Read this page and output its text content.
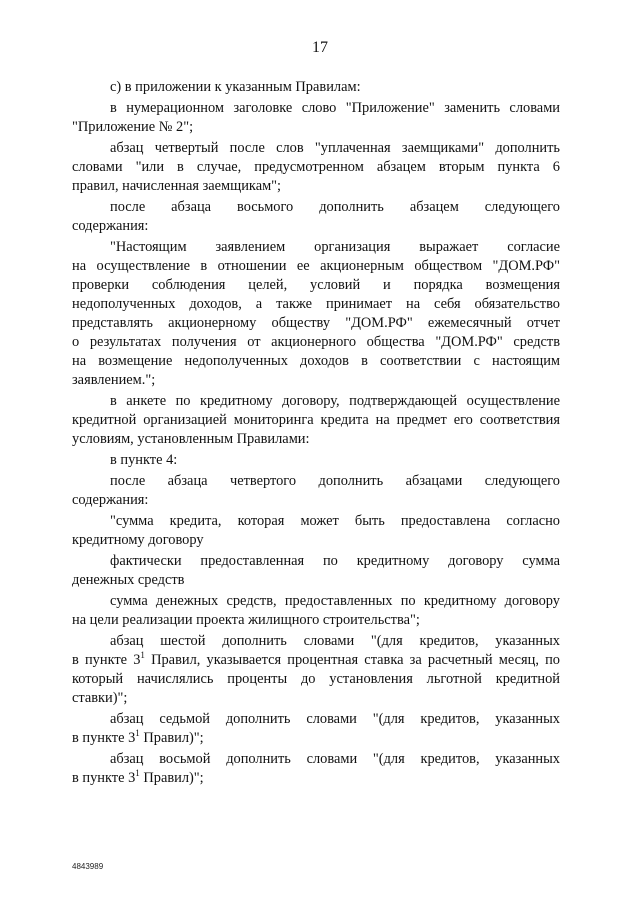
17
с) в приложении к указанным Правилам:
в нумерационном заголовке слово "Приложение" заменить словами
"Приложение № 2";
абзац четвертый после слов "уплаченная заемщиками" дополнить
словами "или в случае, предусмотренном абзацем вторым пункта 6
правил, начисленная заемщикам";
после абзаца восьмого дополнить абзацем следующего
содержания:
"Настоящим заявлением организация выражает согласие
на осуществление в отношении ее акционерным обществом "ДОМ.РФ"
проверки соблюдения целей, условий и порядка возмещения
недополученных доходов, а также принимает на себя обязательство
представлять акционерному обществу "ДОМ.РФ" ежемесячный отчет
о результатах получения от акционерного общества "ДОМ.РФ" средств
на возмещение недополученных доходов в соответствии с настоящим
заявлением.";
в анкете по кредитному договору, подтверждающей осуществление
кредитной организацией мониторинга кредита на предмет его соответствия
условиям, установленным Правилами:
в пункте 4:
после абзаца четвертого дополнить абзацами следующего
содержания:
"сумма кредита, которая может быть предоставлена согласно
кредитному договору
фактически предоставленная по кредитному договору сумма
денежных средств
сумма денежных средств, предоставленных по кредитному договору
на цели реализации проекта жилищного строительства";
абзац шестой дополнить словами "(для кредитов, указанных
в пункте $3^1$ Правил, указывается процентная ставка за расчетный месяц, по
который начислялись проценты до установления льготной кредитной
ставки)";
абзац седьмой дополнить словами "(для кредитов, указанных
в пункте $3^1$ Правил)";
абзац восьмой дополнить словами "(для кредитов, указанных
в пункте $3^1$ Правил)";
4843989
